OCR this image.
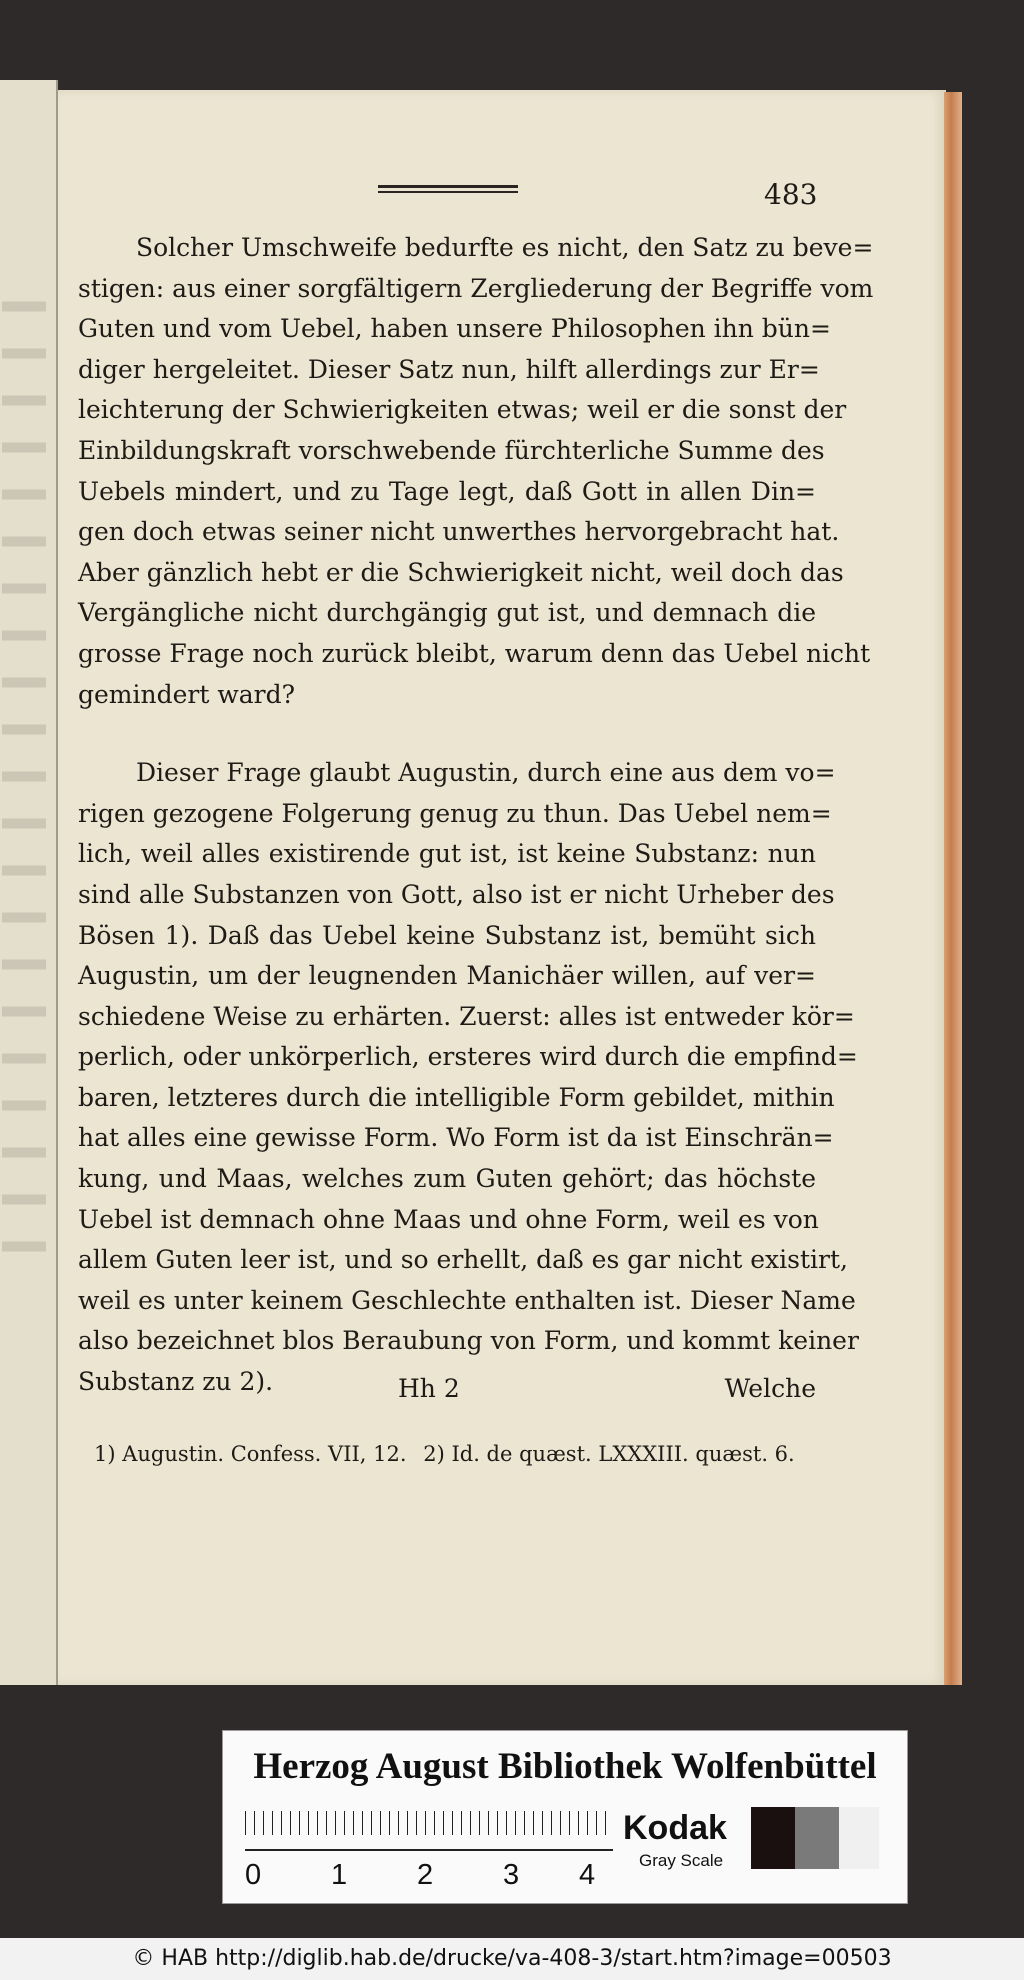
483
Solcher Umschweife bedurfte es nicht, den Satz zu beve=
stigen: aus einer sorgfältigern Zergliederung der Begriffe vom
Guten und vom Uebel, haben unsere Philosophen ihn bün=
diger hergeleitet. Dieser Satz nun, hilft allerdings zur Er=
leichterung der Schwierigkeiten etwas; weil er die sonst der
Einbildungskraft vorschwebende fürchterliche Summe des
Uebels mindert, und zu Tage legt, daß Gott in allen Din=
gen doch etwas seiner nicht unwerthes hervorgebracht hat.
Aber gänzlich hebt er die Schwierigkeit nicht, weil doch das
Vergängliche nicht durchgängig gut ist, und demnach die
grosse Frage noch zurück bleibt, warum denn das Uebel nicht
gemindert ward?
Dieser Frage glaubt Augustin, durch eine aus dem vo=
rigen gezogene Folgerung genug zu thun. Das Uebel nem=
lich, weil alles existirende gut ist, ist keine Substanz: nun
sind alle Substanzen von Gott, also ist er nicht Urheber des
Bösen 1). Daß das Uebel keine Substanz ist, bemüht sich
Augustin, um der leugnenden Manichäer willen, auf ver=
schiedene Weise zu erhärten. Zuerst: alles ist entweder kör=
perlich, oder unkörperlich, ersteres wird durch die empfind=
baren, letzteres durch die intelligible Form gebildet, mithin
hat alles eine gewisse Form. Wo Form ist da ist Einschrän=
kung, und Maas, welches zum Guten gehört; das höchste
Uebel ist demnach ohne Maas und ohne Form, weil es von
allem Guten leer ist, und so erhellt, daß es gar nicht existirt,
weil es unter keinem Geschlechte enthalten ist. Dieser Name
also bezeichnet blos Beraubung von Form, und kommt keiner
Substanz zu 2).	Hh 2	Welche
1) Augustin. Confess. VII, 12. 2) Id. de quæst. LXXXIII. quæst. 6.
Herzog August Bibliothek Wolfenbüttel
0 1 2 3 4
Kodak
Gray Scale
© HAB http://diglib.hab.de/drucke/va-408-3/start.htm?image=00503
